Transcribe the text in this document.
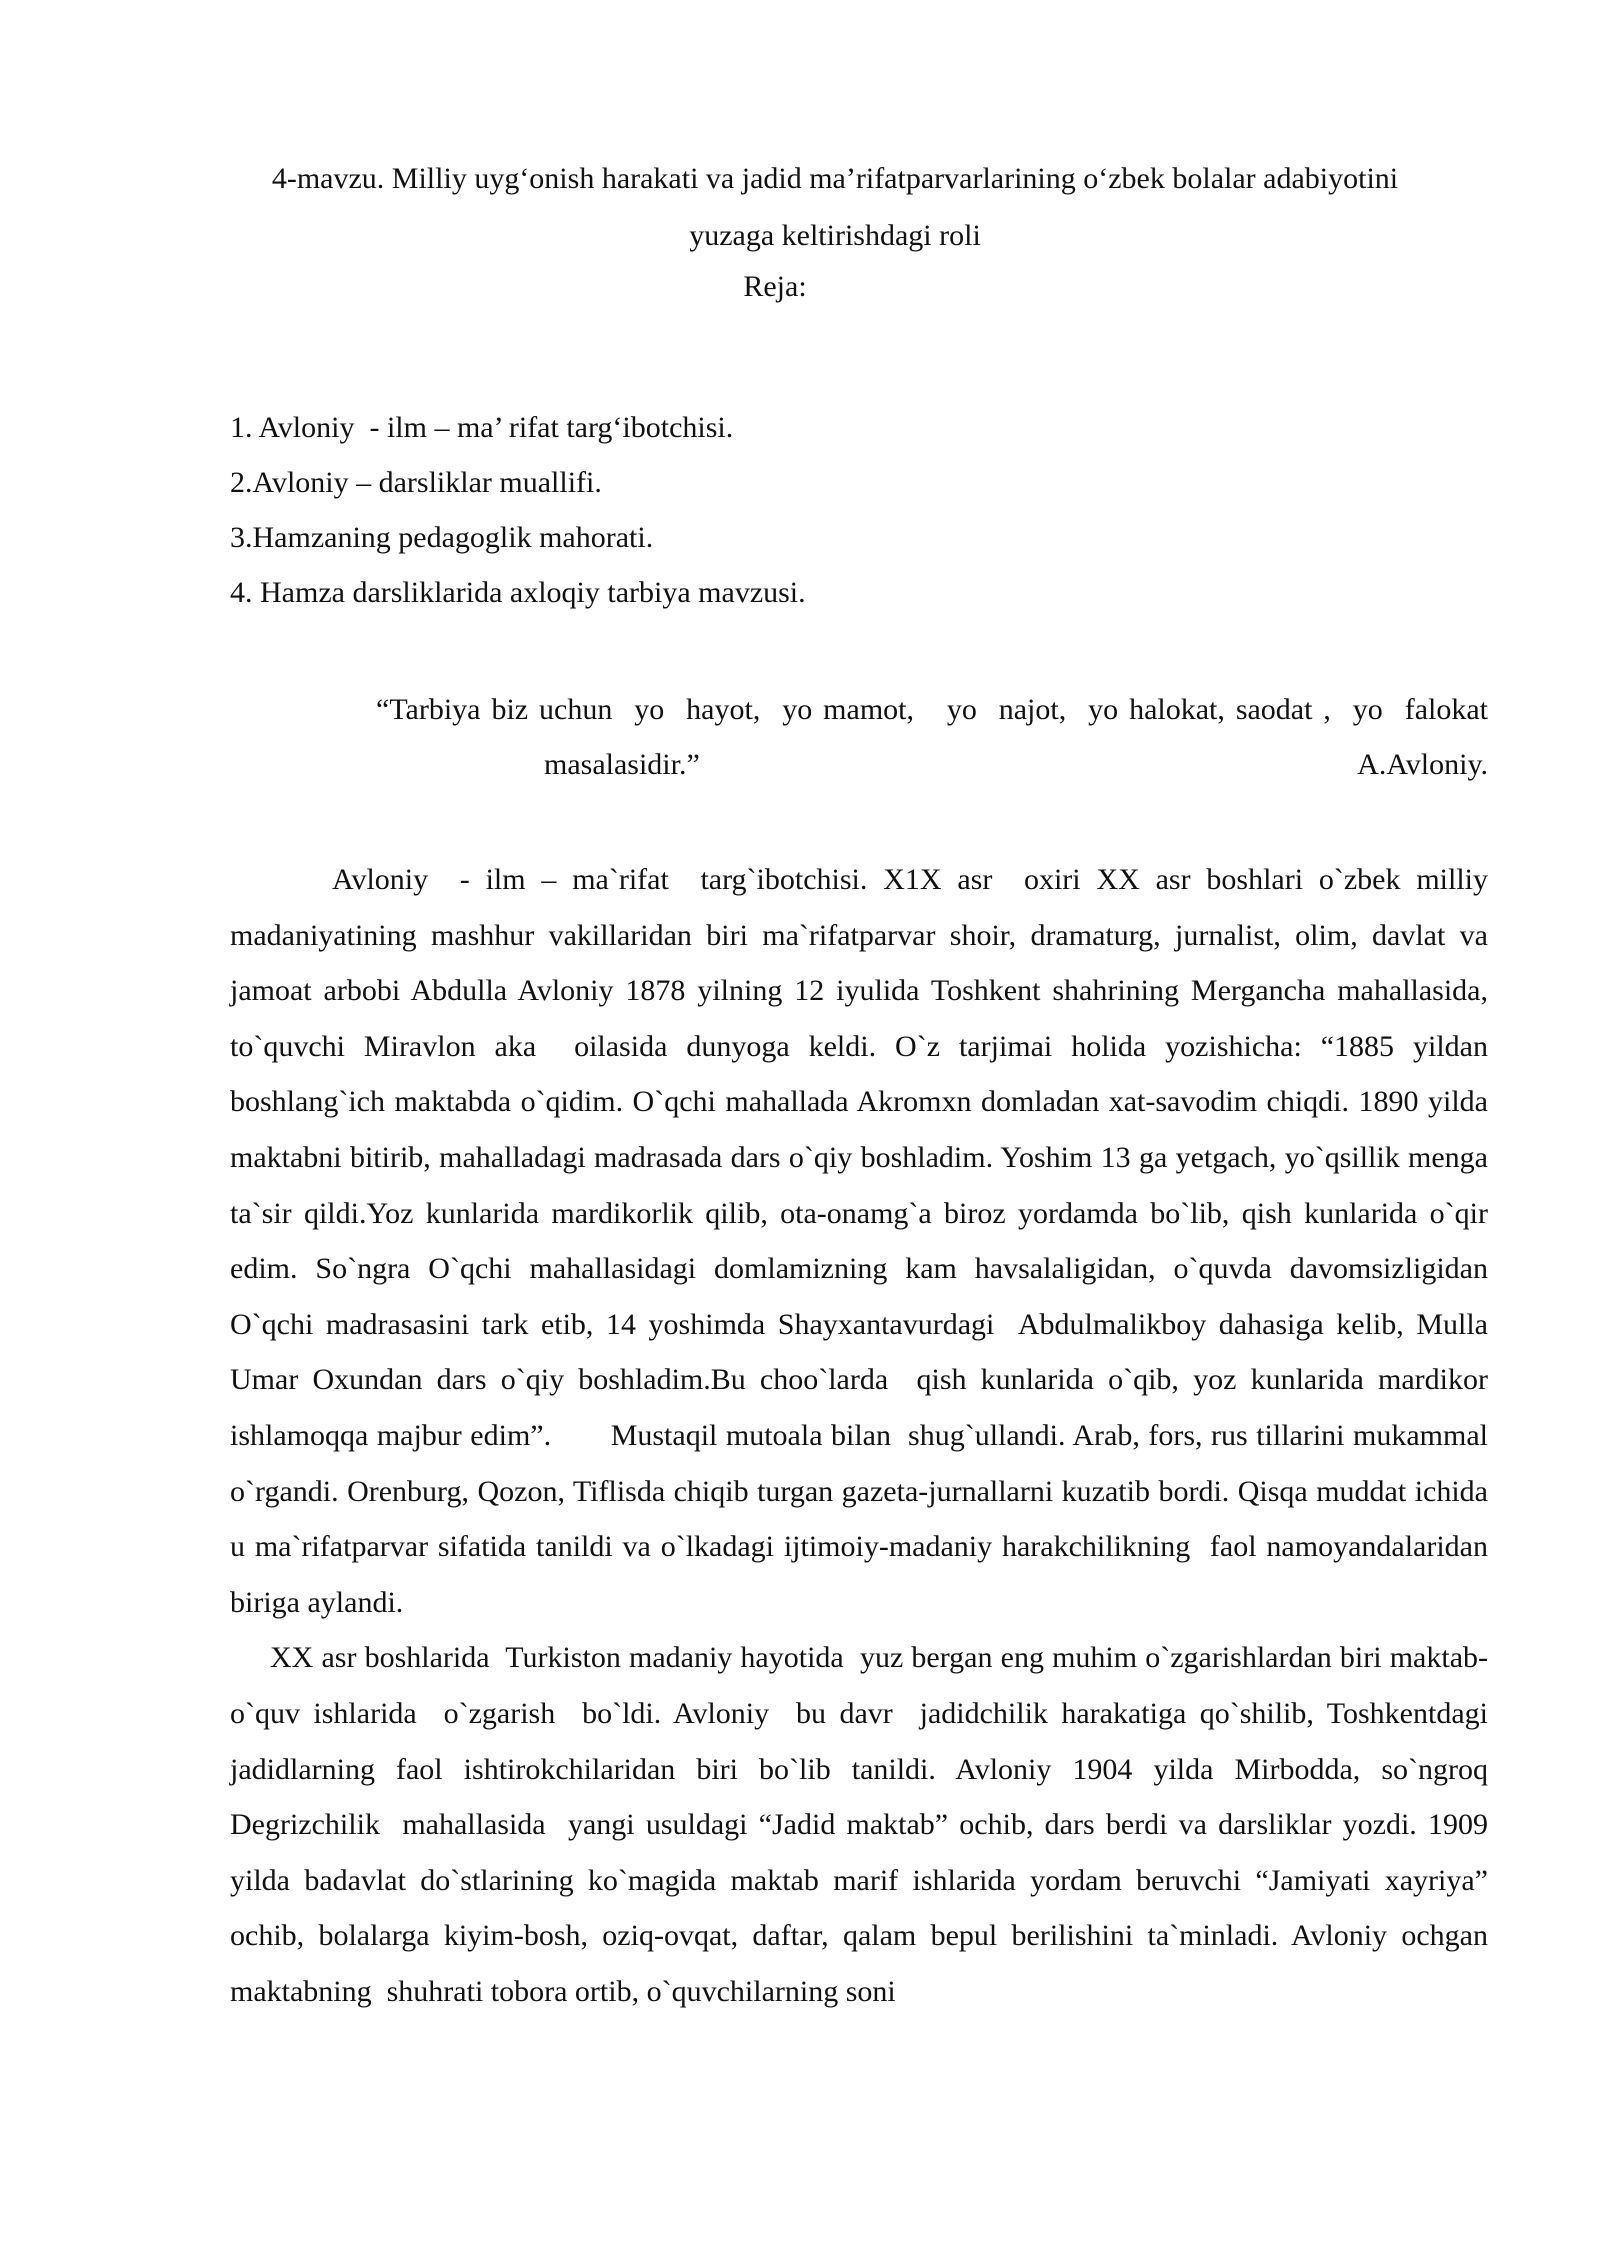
4-mavzu. Milliy uyg‘onish harakati va jadid ma’rifatparvarlarining o‘zbek bolalar adabiyotini yuzaga keltirishdagi roli
Reja:
1. Avloniy  - ilm – ma’ rifat targ‘ibotchisi.
2.Avloniy – darsliklar muallifi.
3.Hamzaning pedagoglik mahorati.
4. Hamza darsliklarida axloqiy tarbiya mavzusi.
“Tarbiya biz uchun  yo  hayot,  yo mamot,   yo  najot,  yo halokat, saodat ,  yo  falokat
masalasidir.”	A.Avloniy.

Avloniy  - ilm – ma`rifat  targ`ibotchisi. X1X asr  oxiri XX asr boshlari o`zbek milliy madaniyatining mashhur vakillaridan biri ma`rifatparvar shoir, dramaturg, jurnalist, olim, davlat va jamoat arbobi Abdulla Avloniy 1878 yilning 12 iyulida Toshkent shahrining Mergancha mahallasida, to`quvchi Miravlon aka  oilasida dunyoga keldi. O`z tarjimai holida yozishicha: “1885 yildan boshlang`ich maktabda o`qidim. O`qchi mahallada Akromxn domladan xat-savodim chiqdi. 1890 yilda maktabni bitirib, mahalladagi madrasada dars o`qiy boshladim. Yoshim 13 ga yetgach, yo`qsillik menga ta`sir qildi.Yoz kunlarida mardikorlik qilib, ota-onamg`a biroz yordamda bo`lib, qish kunlarida o`qir edim. So`ngra O`qchi mahallasidagi domlamizning kam havsalaligidan, o`quvda davomsizligidan O`qchi madrasasini tark etib, 14 yoshimda Shayxantavurdagi  Abdulmalikboy dahasiga kelib, Mulla Umar Oxundan dars o`qiy boshladim.Bu choo`larda  qish kunlarida o`qib, yoz kunlarida mardikor ishlamoqqa majbur edim”.       Mustaqil mutoala bilan  shug`ullandi. Arab, fors, rus tillarini mukammal o`rgandi. Orenburg, Qozon, Tiflisda chiqib turgan gazeta-jurnallarni kuzatib bordi. Qisqa muddat ichida u ma`rifatparvar sifatida tanildi va o`lkadagi ijtimoiy-madaniy harakchilikning  faol namoyandalaridan biriga aylandi.

XX asr boshlarida  Turkiston madaniy hayotida  yuz bergan eng muhim o`zgarishlardan biri maktab-o`quv ishlarida  o`zgarish  bo`ldi. Avloniy  bu davr  jadidchilik harakatiga qo`shilib, Toshkentdagi jadidlarning faol ishtirokchilaridan biri bo`lib tanildi. Avloniy 1904 yilda Mirbodda, so`ngroq Degrizchilik  mahallasida  yangi usuldagi “Jadid maktab” ochib, dars berdi va darsliklar yozdi. 1909 yilda badavlat do`stlarining ko`magida maktab marif ishlarida yordam beruvchi “Jamiyati xayriya” ochib, bolalarga kiyim-bosh, oziq-ovqat, daftar, qalam bepul berilishini ta`minladi. Avloniy ochgan maktabning  shuhrati tobora ortib, o`quvchilarning soni
